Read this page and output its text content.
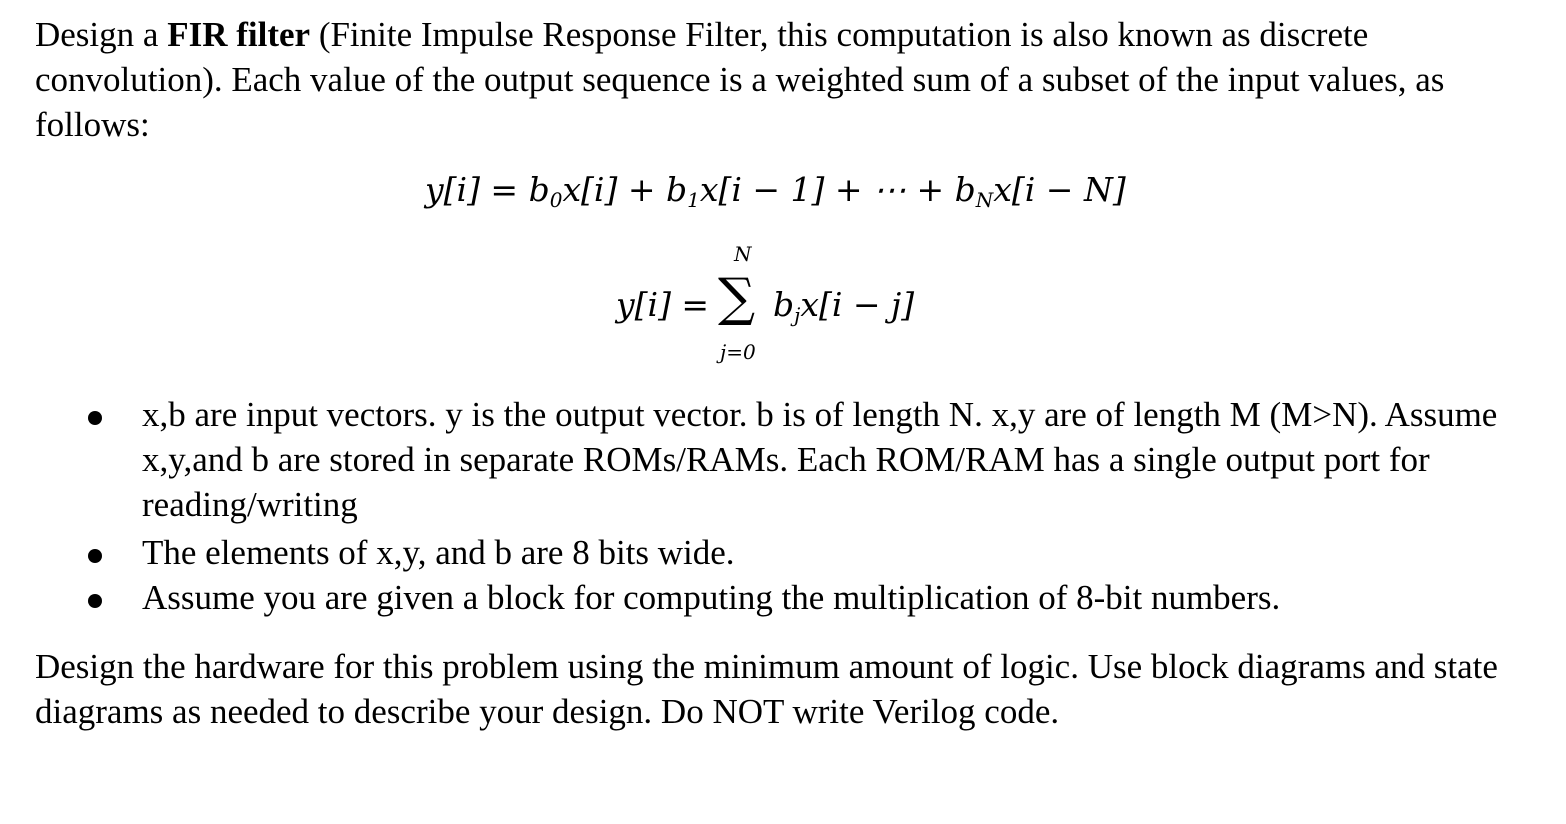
Design a FIR filter (Finite Impulse Response Filter, this computation is also known as discrete convolution). Each value of the output sequence is a weighted sum of a subset of the input values, as follows:

$y[i] = b_0x[i] + b_1x[i - 1]$ + ⋯ + $b_Nx[i - N]$
y[i] =
N
∑
j=0
$b_jx[i - j]$
x,b are input vectors. y is the output vector. b is of length N. x,y are of length M (M>N). Assume x,y,and b are stored in separate ROMs/RAMs. Each ROM/RAM has a single output port for reading/writing
The elements of x,y, and b are 8 bits wide.
Assume you are given a block for computing the multiplication of 8-bit numbers.

Design the hardware for this problem using the minimum amount of logic. Use block diagrams and state diagrams as needed to describe your design. Do NOT write Verilog code.
